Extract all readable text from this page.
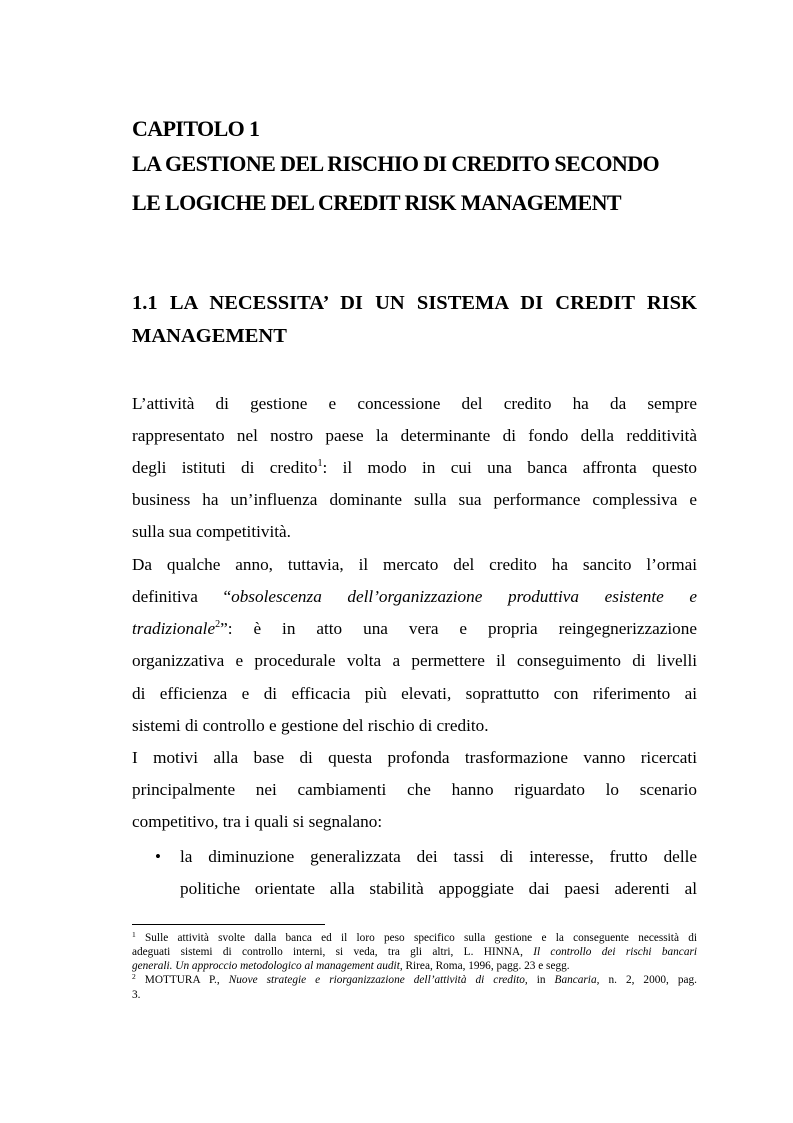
CAPITOLO 1
LA GESTIONE DEL RISCHIO DI CREDITO SECONDO
LE LOGICHE DEL CREDIT RISK MANAGEMENT
1.1 LA NECESSITA’ DI UN SISTEMA DI CREDIT RISK
MANAGEMENT
L’attività di gestione e concessione del credito ha da sempre
rappresentato nel nostro paese la determinante di fondo della redditività
degli istituti di credito$^1$: il modo in cui una banca affronta questo
business ha un’influenza dominante sulla sua performance complessiva e
sulla sua competitività.
Da qualche anno, tuttavia, il mercato del credito ha sancito l’ormai
definitiva “obsolescenza dell’organizzazione produttiva esistente e
tradizionale$^2$”: è in atto una vera e propria reingegnerizzazione
organizzativa e procedurale volta a permettere il conseguimento di livelli
di efficienza e di efficacia più elevati, soprattutto con riferimento ai
sistemi di controllo e gestione del rischio di credito.
I motivi alla base di questa profonda trasformazione vanno ricercati
principalmente nei cambiamenti che hanno riguardato lo scenario
competitivo, tra i quali si segnalano:
• la diminuzione generalizzata dei tassi di interesse, frutto delle
politiche orientate alla stabilità appoggiate dai paesi aderenti al
$^1$ Sulle attività svolte dalla banca ed il loro peso specifico sulla gestione e la conseguente necessità di
adeguati sistemi di controllo interni, si veda, tra gli altri, L. HINNA, Il controllo dei rischi bancari
generali. Un approccio metodologico al management audit, Rirea, Roma, 1996, pagg. 23 e segg.
$^2$ MOTTURA P., Nuove strategie e riorganizzazione dell’attività di credito, in Bancaria, n. 2, 2000, pag.
3.
